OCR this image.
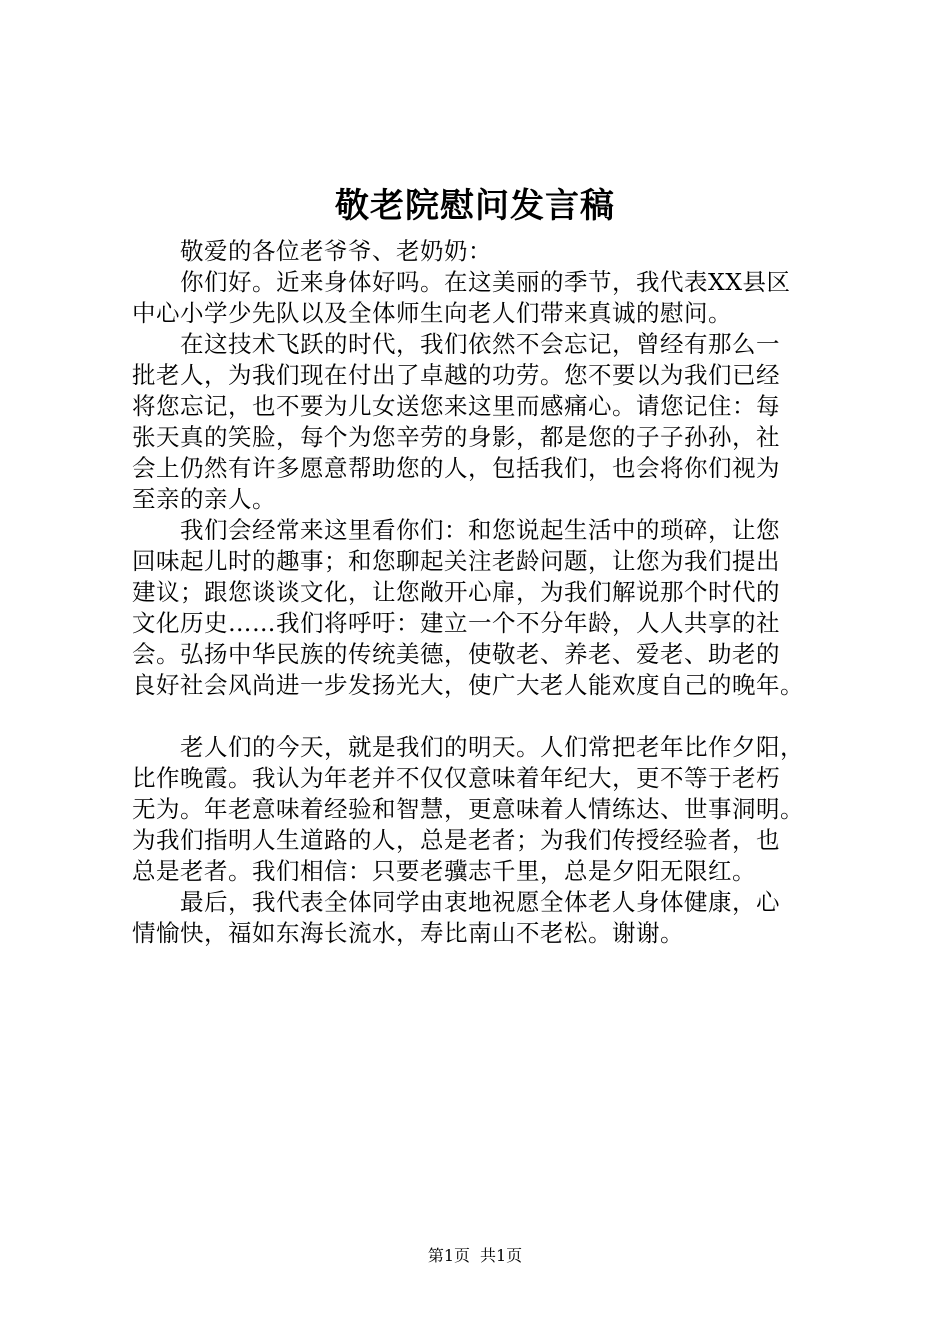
敬老院慰问发言稿
敬爱的各位老爷爷、老奶奶：
你们好。近来身体好吗。在这美丽的季节，我代表XX县区
中心小学少先队以及全体师生向老人们带来真诚的慰问。
在这技术飞跃的时代，我们依然不会忘记，曾经有那么一
批老人，为我们现在付出了卓越的功劳。您不要以为我们已经
将您忘记，也不要为儿女送您来这里而感痛心。请您记住：每
张天真的笑脸，每个为您辛劳的身影，都是您的子子孙孙，社
会上仍然有许多愿意帮助您的人，包括我们，也会将你们视为
至亲的亲人。
我们会经常来这里看你们：和您说起生活中的琐碎，让您
回味起儿时的趣事；和您聊起关注老龄问题，让您为我们提出
建议；跟您谈谈文化，让您敞开心扉，为我们解说那个时代的
文化历史……我们将呼吁：建立一个不分年龄，人人共享的社
会。弘扬中华民族的传统美德，使敬老、养老、爱老、助老的
良好社会风尚进一步发扬光大，使广大老人能欢度自己的晚年。
老人们的今天，就是我们的明天。人们常把老年比作夕阳，
比作晚霞。我认为年老并不仅仅意味着年纪大，更不等于老朽
无为。年老意味着经验和智慧，更意味着人情练达、世事洞明。
为我们指明人生道路的人，总是老者；为我们传授经验者，也
总是老者。我们相信：只要老骥志千里，总是夕阳无限红。
最后，我代表全体同学由衷地祝愿全体老人身体健康，心
情愉快，福如东海长流水，寿比南山不老松。谢谢。
第1页 共1页
